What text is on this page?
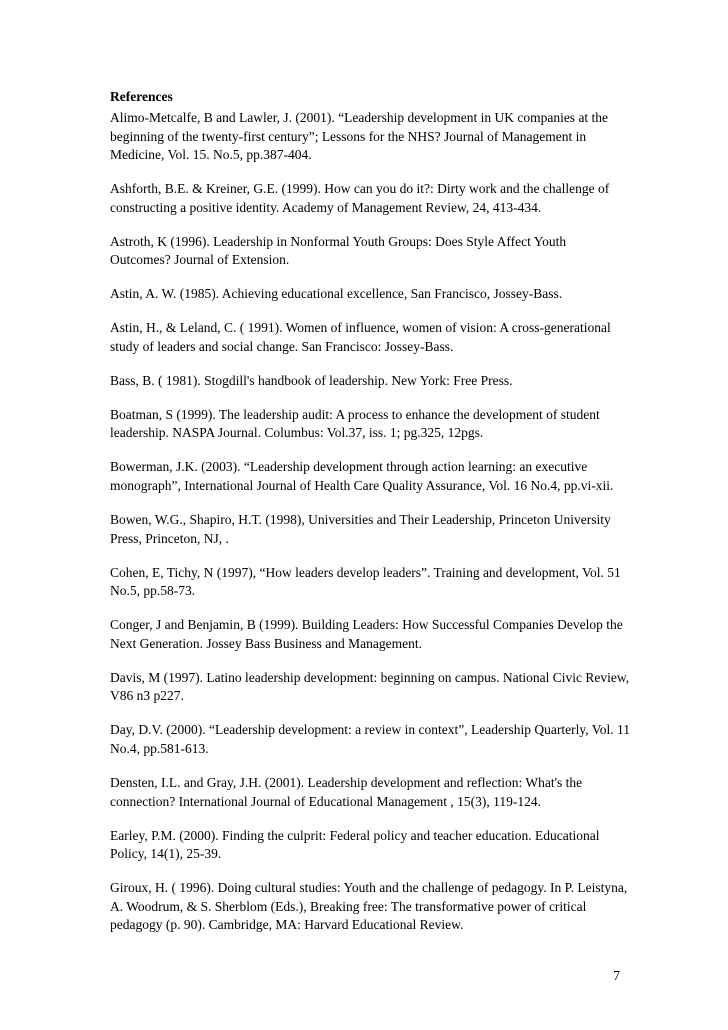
References
Alimo-Metcalfe, B and Lawler, J. (2001). “Leadership development in UK companies at the beginning of the twenty-first century”; Lessons for the NHS? Journal of Management in Medicine, Vol. 15. No.5, pp.387-404.
Ashforth, B.E. & Kreiner, G.E. (1999). How can you do it?: Dirty work and the challenge of constructing a positive identity. Academy of Management Review, 24, 413-434.
Astroth, K (1996). Leadership in Nonformal Youth Groups: Does Style Affect Youth Outcomes? Journal of Extension.
Astin, A. W. (1985). Achieving educational excellence, San Francisco, Jossey-Bass.
Astin, H., & Leland, C. ( 1991). Women of influence, women of vision: A cross-generational study of leaders and social change. San Francisco: Jossey-Bass.
Bass, B. ( 1981). Stogdill's handbook of leadership. New York: Free Press.
Boatman, S (1999). The leadership audit: A process to enhance the development of student leadership. NASPA Journal. Columbus: Vol.37, iss. 1; pg.325, 12pgs.
Bowerman, J.K. (2003). “Leadership development through action learning: an executive monograph”, International Journal of Health Care Quality Assurance, Vol. 16 No.4, pp.vi-xii.
Bowen, W.G., Shapiro, H.T. (1998), Universities and Their Leadership, Princeton University Press, Princeton, NJ, .
Cohen, E, Tichy, N (1997), “How leaders develop leaders”. Training and development, Vol. 51 No.5, pp.58-73.
Conger, J and Benjamin, B (1999). Building Leaders: How Successful Companies Develop the Next Generation. Jossey Bass Business and Management.
Davis, M (1997). Latino leadership development: beginning on campus. National Civic Review, V86 n3 p227.
Day, D.V. (2000). “Leadership development: a review in context”, Leadership Quarterly, Vol. 11 No.4, pp.581-613.
Densten, I.L. and Gray, J.H. (2001). Leadership development and reflection: What's the connection? International Journal of Educational Management , 15(3), 119-124.
Earley, P.M. (2000). Finding the culprit: Federal policy and teacher education. Educational Policy, 14(1), 25-39.
Giroux, H. ( 1996). Doing cultural studies: Youth and the challenge of pedagogy. In P. Leistyna, A. Woodrum, & S. Sherblom (Eds.), Breaking free: The transformative power of critical pedagogy (p. 90). Cambridge, MA: Harvard Educational Review.
7
